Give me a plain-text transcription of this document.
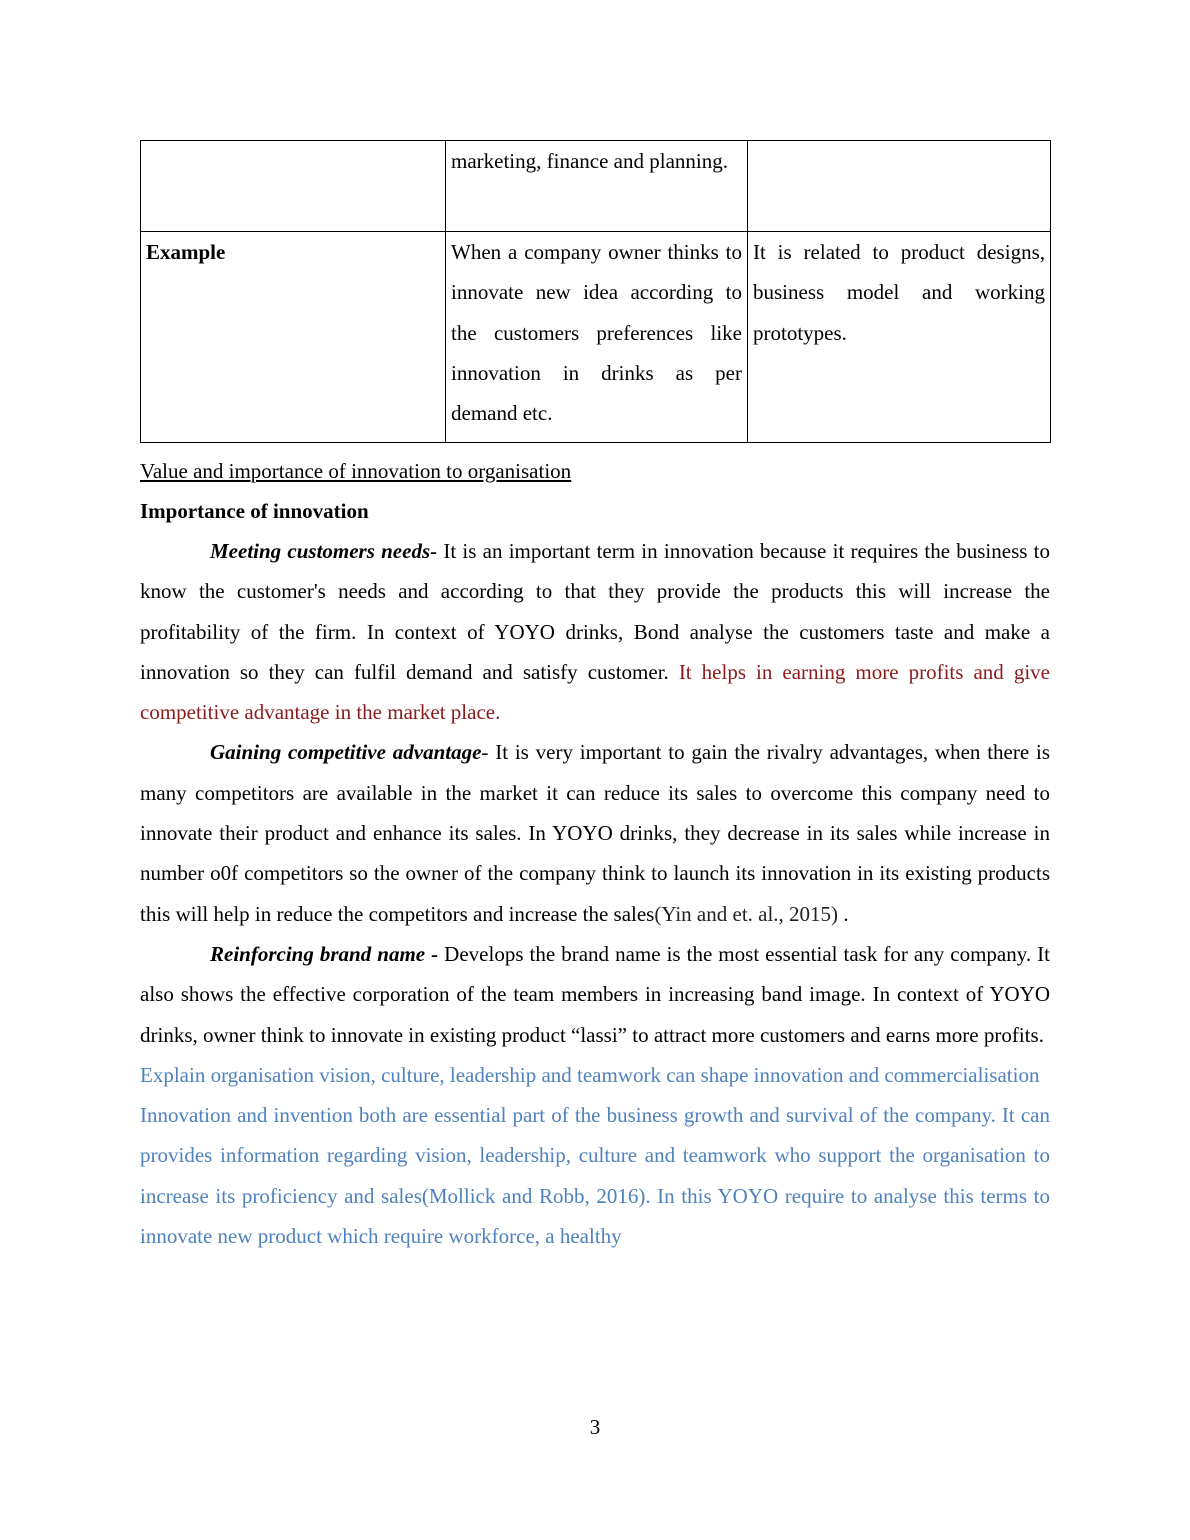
	marketing, finance and planning.	
Example	When a company owner thinks to innovate new idea according to the customers preferences like innovation in drinks as per demand etc.	It is related to product designs, business model and working prototypes.
Value and importance of innovation to organisation
Importance of innovation

Meeting customers needs- It is an important term in innovation because it requires the business to know the customer's needs and according to that they provide the products this will increase the profitability of the firm. In context of YOYO drinks, Bond analyse the customers taste and make a innovation so they can fulfil demand and satisfy customer. It helps in earning more profits and give competitive advantage in the market place.

Gaining competitive advantage- It is very important to gain the rivalry advantages, when there is many competitors are available in the market it can reduce its sales to overcome this company need to innovate their product and enhance its sales. In YOYO drinks, they decrease in its sales while increase in number o0f competitors so the owner of the company think to launch its innovation in its existing products this will help in reduce the competitors and increase the sales(Yin and et. al., 2015) .

Reinforcing brand name - Develops the brand name is the most essential task for any company. It also shows the effective corporation of the team members in increasing band image. In context of YOYO drinks, owner think to innovate in existing product “lassi” to attract more customers and earns more profits.

Explain organisation vision, culture, leadership and teamwork can shape innovation and commercialisation

Innovation and invention both are essential part of the business growth and survival of the company. It can provides information regarding vision, leadership, culture and teamwork who support the organisation to increase its proficiency and sales(Mollick and Robb, 2016). In this YOYO require to analyse this terms to innovate new product which require workforce, a healthy

3
